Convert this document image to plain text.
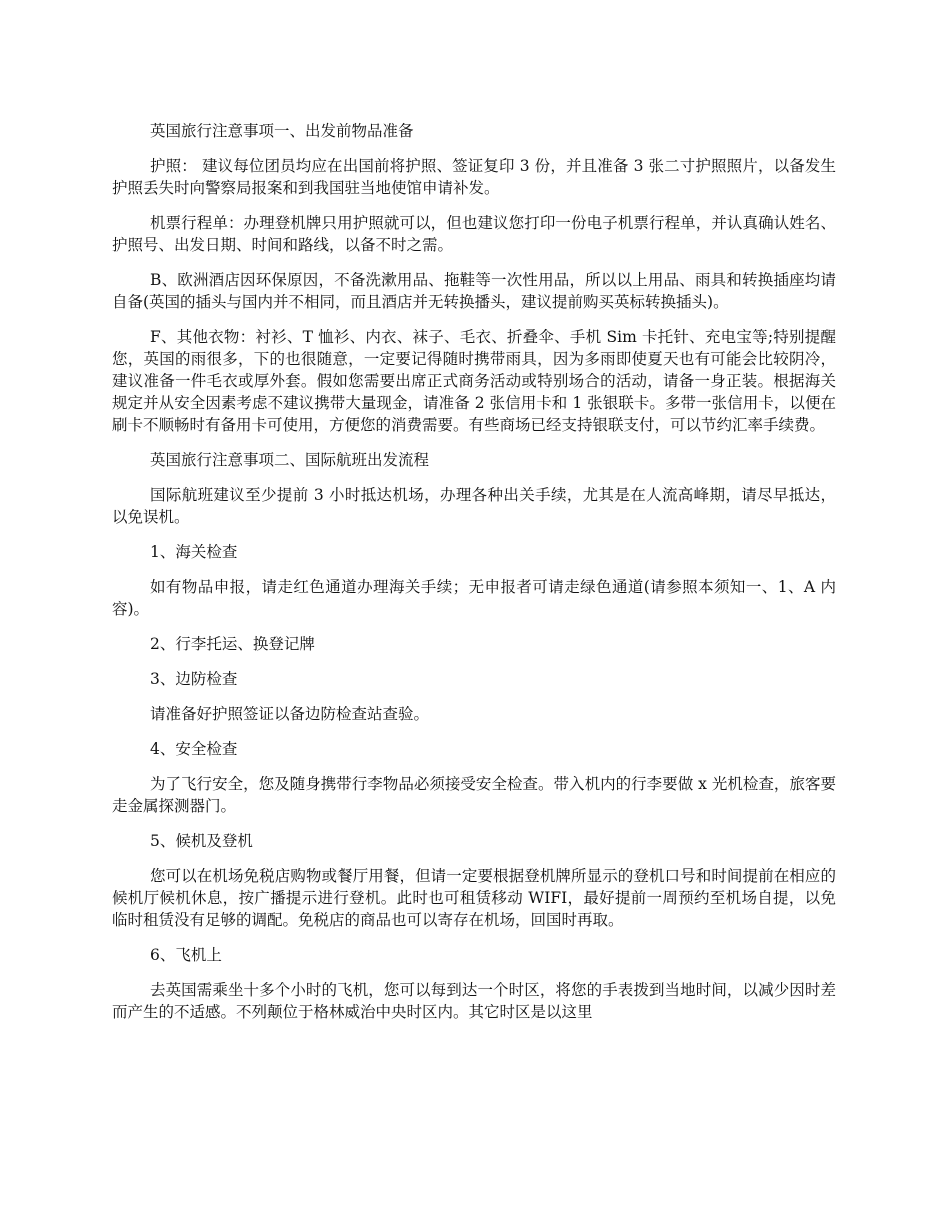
英国旅行注意事项一、出发前物品准备

护照： 建议每位团员均应在出国前将护照、签证复印 3 份，并且准备 3 张二寸护照照片，以备发生护照丢失时向警察局报案和到我国驻当地使馆申请补发。

机票行程单：办理登机牌只用护照就可以，但也建议您打印一份电子机票行程单，并认真确认姓名、护照号、出发日期、时间和路线，以备不时之需。

B、欧洲酒店因环保原因，不备洗漱用品、拖鞋等一次性用品，所以以上用品、雨具和转换插座均请自备(英国的插头与国内并不相同，而且酒店并无转换播头，建议提前购买英标转换插头)。

F、其他衣物：衬衫、T 恤衫、内衣、袜子、毛衣、折叠伞、手机 Sim 卡托针、充电宝等;特别提醒您，英国的雨很多，下的也很随意，一定要记得随时携带雨具，因为多雨即使夏天也有可能会比较阴冷，建议准备一件毛衣或厚外套。假如您需要出席正式商务活动或特别场合的活动，请备一身正装。根据海关规定并从安全因素考虑不建议携带大量现金，请准备 2 张信用卡和 1 张银联卡。多带一张信用卡，以便在刷卡不顺畅时有备用卡可使用，方便您的消费需要。有些商场已经支持银联支付，可以节约汇率手续费。

英国旅行注意事项二、国际航班出发流程

国际航班建议至少提前 3 小时抵达机场，办理各种出关手续，尤其是在人流高峰期，请尽早抵达，以免误机。

1、海关检查

如有物品申报，请走红色通道办理海关手续；无申报者可请走绿色通道(请参照本须知一、1、A 内容)。

2、行李托运、换登记牌

3、边防检查

请准备好护照签证以备边防检查站查验。

4、安全检查

为了飞行安全，您及随身携带行李物品必须接受安全检查。带入机内的行李要做 x 光机检查，旅客要走金属探测器门。

5、候机及登机

您可以在机场免税店购物或餐厅用餐，但请一定要根据登机牌所显示的登机口号和时间提前在相应的候机厅候机休息，按广播提示进行登机。此时也可租赁移动 WIFI，最好提前一周预约至机场自提，以免临时租赁没有足够的调配。免税店的商品也可以寄存在机场，回国时再取。

6、飞机上

去英国需乘坐十多个小时的飞机，您可以每到达一个时区，将您的手表拨到当地时间，以减少因时差而产生的不适感。不列颠位于格林威治中央时区内。其它时区是以这里
